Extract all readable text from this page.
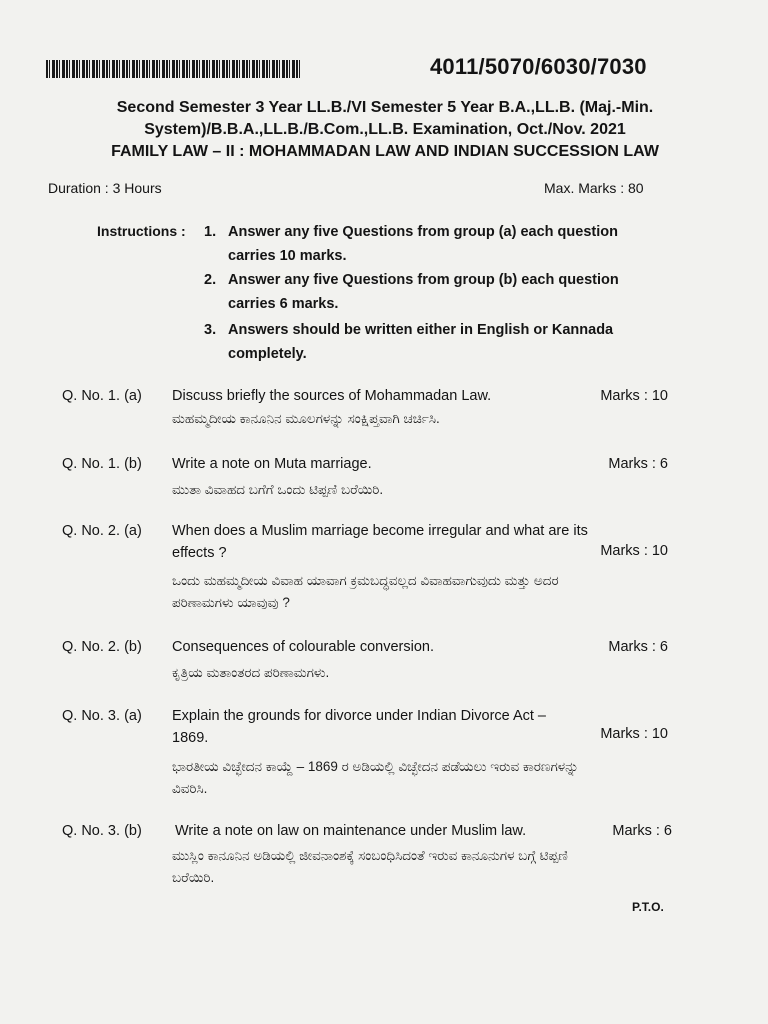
4011/5070/6030/7030
Second Semester 3 Year LL.B./VI Semester 5 Year B.A.,LL.B. (Maj.-Min.
System)/B.B.A.,LL.B./B.Com.,LL.B. Examination, Oct./Nov. 2021
FAMILY LAW – II : MOHAMMADAN LAW AND INDIAN SUCCESSION LAW
Duration : 3 Hours	Max. Marks : 80
Instructions : 1. Answer any five Questions from group (a) each question carries 10 marks.
2. Answer any five Questions from group (b) each question carries 6 marks.
3. Answers should be written either in English or Kannada completely.
Q. No. 1. (a) Discuss briefly the sources of Mohammadan Law.	Marks : 10
ಮಹಮ್ಮದೀಯ ಕಾನೂನಿನ ಮೂಲಗಳನ್ನು ಸಂಕ್ಷಿಪ್ತವಾಗಿ ಚರ್ಚಿಸಿ.
Q. No. 1. (b) Write a note on Muta marriage.	Marks : 6
ಮುತಾ ವಿವಾಹದ ಬಗೆಗೆ ಒಂದು ಟಿಪ್ಪಣಿ ಬರೆಯಿರಿ.
Q. No. 2. (a) When does a Muslim marriage become irregular and what are its effects ?	Marks : 10
ಒಂದು ಮಹಮ್ಮದೀಯ ವಿವಾಹ ಯಾವಾಗ ಕ್ರಮಬದ್ಧವಲ್ಲದ ವಿವಾಹವಾಗುವುದು ಮತ್ತು ಅದರ ಪರಿಣಾಮಗಳು ಯಾವುವು ?
Q. No. 2. (b) Consequences of colourable conversion.	Marks : 6
ಕೃತ್ರಿಯ ಮತಾಂತರದ ಪರಿಣಾಮಗಳು.
Q. No. 3. (a) Explain the grounds for divorce under Indian Divorce Act – 1869.	Marks : 10
ಭಾರತೀಯ ವಿಚ್ಛೇದನ ಕಾಯ್ದೆ – 1869 ರ ಅಡಿಯಲ್ಲಿ ವಿಚ್ಛೇದನ ಪಡೆಯಲು ಇರುವ ಕಾರಣಗಳನ್ನು ವಿವರಿಸಿ.
Q. No. 3. (b) Write a note on law on maintenance under Muslim law.	Marks : 6
ಮುಸ್ಲಿಂ ಕಾನೂನಿನ ಅಡಿಯಲ್ಲಿ ಜೀವನಾಂಶಕ್ಕೆ ಸಂಬಂಧಿಸಿದಂತೆ ಇರುವ ಕಾನೂನುಗಳ ಬಗ್ಗೆ ಟಿಪ್ಪಣಿ ಬರೆಯಿರಿ.
P.T.O.
